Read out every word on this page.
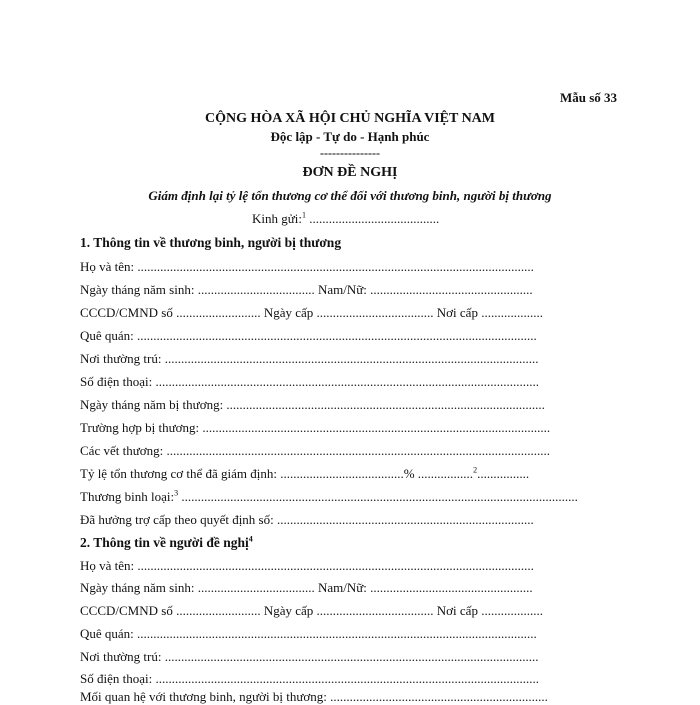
Mẫu số 33
CỘNG HÒA XÃ HỘI CHỦ NGHĨA VIỆT NAM
Độc lập - Tự do - Hạnh phúc
---------------
ĐƠN ĐỀ NGHỊ
Giám định lại tỷ lệ tổn thương cơ thể đối với thương binh, người bị thương
Kinh gửi:$^1$ ........................................
1. Thông tin về thương binh, người bị thương
Họ và tên: ..........................................................................................................................
Ngày tháng năm sinh: .................................... Nam/Nữ: ..................................................
CCCD/CMND số .......................... Ngày cấp .................................... Nơi cấp ...................
Quê quán: ...........................................................................................................................
Nơi thường trú: ...................................................................................................................
Số điện thoại: ......................................................................................................................
Ngày tháng năm bị thương: ..................................................................................................
Trường hợp bị thương: ...........................................................................................................
Các vết thương: ......................................................................................................................
Tỷ lệ tổn thương cơ thể đã giám định: ......................................% .................$^2$................
Thương binh loại:$^3$ ..........................................................................................................................
Đã hưởng trợ cấp theo quyết định số: ...............................................................................
2. Thông tin về người đề nghị$^4$
Họ và tên: ..........................................................................................................................
Ngày tháng năm sinh: .................................... Nam/Nữ: ..................................................
CCCD/CMND số .......................... Ngày cấp .................................... Nơi cấp ...................
Quê quán: ...........................................................................................................................
Nơi thường trú: ...................................................................................................................
Số điện thoại: ......................................................................................................................
Mối quan hệ với thương binh, người bị thương: ...................................................................
